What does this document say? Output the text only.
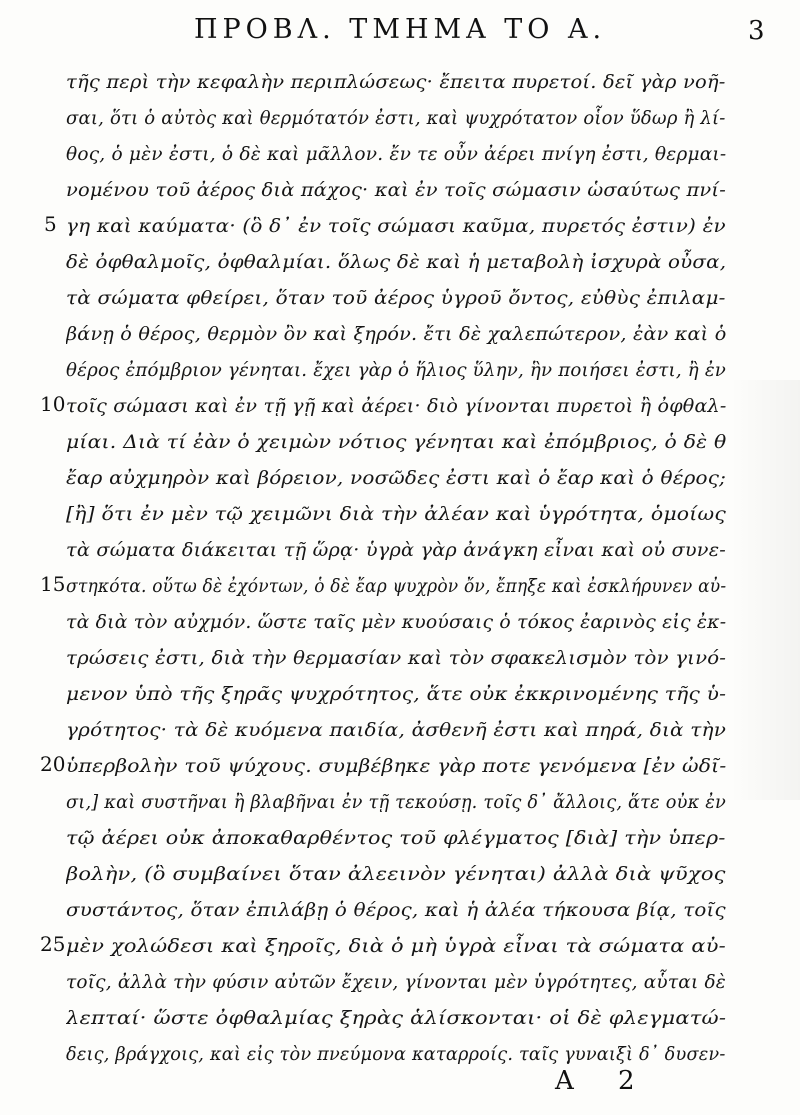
ΠΡΟΒΛ. ΤΜΗΜΑ ΤΟ Α.	3
τῆς περὶ τὴν κεφαλὴν περιπλώσεως· ἔπειτα πυρετοί. δεῖ γὰρ νοῆ-
σαι, ὅτι ὁ αὐτὸς καὶ θερμότατόν ἐστι, καὶ ψυχρότατον οἷον ὕδωρ ἢ λί-
θος, ὁ μὲν ἐστι, ὁ δὲ καὶ μᾶλλον. ἔν τε οὖν ἀέρει πνίγη ἐστι, θερμαι-
νομένου τοῦ ἀέρος διὰ πάχος· καὶ ἐν τοῖς σώμασιν ὡσαύτως πνί-
γη καὶ καύματα· (ὃ δ᾽ ἐν τοῖς σώμασι καῦμα, πυρετός ἐστιν) ἐν
δὲ ὀφθαλμοῖς, ὀφθαλμίαι. ὅλως δὲ καὶ ἡ μεταβολὴ ἰσχυρὰ οὖσα,
τὰ σώματα φθείρει, ὅταν τοῦ ἀέρος ὑγροῦ ὄντος, εὐθὺς ἐπιλαμ-
βάνῃ ὁ θέρος, θερμὸν ὂν καὶ ξηρόν. ἔτι δὲ χαλεπώτερον, ἐὰν καὶ ὁ
θέρος ἐπόμβριον γένηται. ἔχει γὰρ ὁ ἥλιος ὕλην, ἣν ποιήσει ἐστι, ἢ ἐν
τοῖς σώμασι καὶ ἐν τῇ γῇ καὶ ἀέρει· διὸ γίνονται πυρετοὶ ἢ ὀφθαλ-
μίαι. Διὰ τί ἐὰν ὁ χειμὼν νότιος γένηται καὶ ἐπόμβριος, ὁ δὲ θ
ἔαρ αὐχμηρὸν καὶ βόρειον, νοσῶδες ἐστι καὶ ὁ ἔαρ καὶ ὁ θέρος;
[ἢ] ὅτι ἐν μὲν τῷ χειμῶνι διὰ τὴν ἀλέαν καὶ ὑγρότητα, ὁμοίως
τὰ σώματα διάκειται τῇ ὥρᾳ· ὑγρὰ γὰρ ἀνάγκη εἶναι καὶ οὐ συνε-
στηκότα. οὕτω δὲ ἐχόντων, ὁ δὲ ἔαρ ψυχρὸν ὄν, ἔπηξε καὶ ἐσκλήρυνεν αὐ-
τὰ διὰ τὸν αὐχμόν. ὥστε ταῖς μὲν κυούσαις ὁ τόκος ἐαρινὸς εἰς ἐκ-
τρώσεις ἐστι, διὰ τὴν θερμασίαν καὶ τὸν σφακελισμὸν τὸν γινό-
μενον ὑπὸ τῆς ξηρᾶς ψυχρότητος, ἅτε οὐκ ἐκκρινομένης τῆς ὑ-
γρότητος· τὰ δὲ κυόμενα παιδία, ἀσθενῆ ἐστι καὶ πηρά, διὰ τὴν
ὑπερβολὴν τοῦ ψύχους. συμβέβηκε γὰρ ποτε γενόμενα [ἐν ὠδῖ-
σι,] καὶ συστῆναι ἢ βλαβῆναι ἐν τῇ τεκούσῃ. τοῖς δ᾽ ἄλλοις, ἅτε οὐκ ἐν
τῷ ἀέρει οὐκ ἀποκαθαρθέντος τοῦ φλέγματος [διὰ] τὴν ὑπερ-
βολὴν, (ὃ συμβαίνει ὅταν ἀλεεινὸν γένηται) ἀλλὰ διὰ ψῦχος
συστάντος, ὅταν ἐπιλάβῃ ὁ θέρος, καὶ ἡ ἀλέα τήκουσα βίᾳ, τοῖς
μὲν χολώδεσι καὶ ξηροῖς, διὰ ὁ μὴ ὑγρὰ εἶναι τὰ σώματα αὐ-
τοῖς, ἀλλὰ τὴν φύσιν αὐτῶν ἔχειν, γίνονται μὲν ὑγρότητες, αὗται δὲ
λεπταί· ὥστε ὀφθαλμίας ξηρὰς ἁλίσκονται· οἱ δὲ φλεγματώ-
δεις, βράγχοις, καὶ εἰς τὸν πνεύμονα καταρροίς. ταῖς γυναιξὶ δ᾽ δυσεν-
5
10
15
20
25
Α 2
